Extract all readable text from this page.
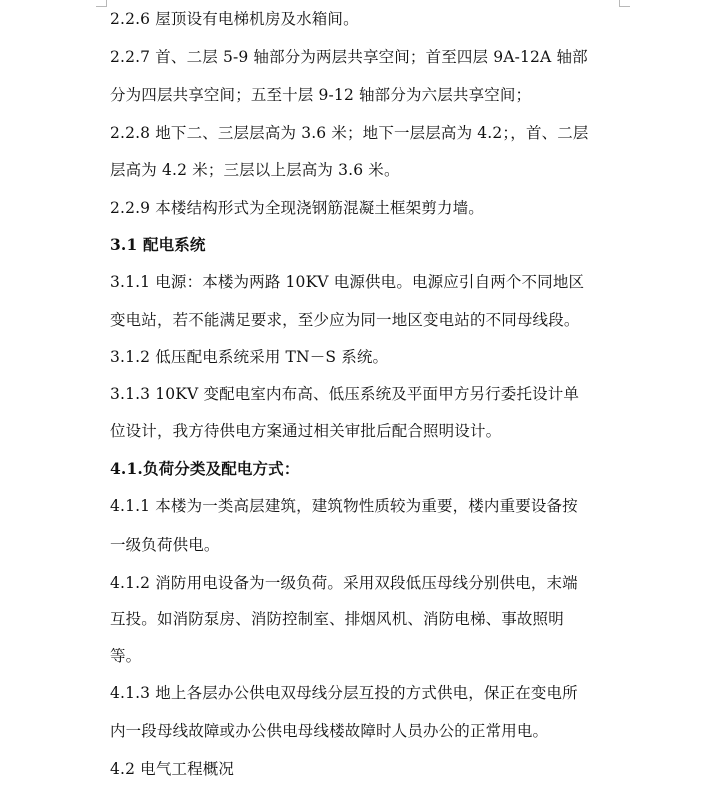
2.2.6 屋顶设有电梯机房及水箱间。
2.2.7 首、二层 5-9 轴部分为两层共享空间；首至四层 9A-12A 轴部
分为四层共享空间；五至十层 9-12 轴部分为六层共享空间；
2.2.8 地下二、三层层高为 3.6 米；地下一层层高为 4.2；，首、二层
层高为 4.2 米；三层以上层高为 3.6 米。
2.2.9 本楼结构形式为全现浇钢筋混凝土框架剪力墙。
3.1 配电系统
3.1.1 电源：本楼为两路 10KV 电源供电。电源应引自两个不同地区
变电站，若不能满足要求，至少应为同一地区变电站的不同母线段。
3.1.2 低压配电系统采用 TN－S 系统。
3.1.3 10KV 变配电室内布高、低压系统及平面甲方另行委托设计单
位设计，我方待供电方案通过相关审批后配合照明设计。
4.1.负荷分类及配电方式：
4.1.1 本楼为一类高层建筑，建筑物性质较为重要，楼内重要设备按
一级负荷供电。
4.1.2 消防用电设备为一级负荷。采用双段低压母线分别供电，末端
互投。如消防泵房、消防控制室、排烟风机、消防电梯、事故照明
等。
4.1.3 地上各层办公供电双母线分层互投的方式供电，保正在变电所
内一段母线故障或办公供电母线楼故障时人员办公的正常用电。
4.2 电气工程概况
